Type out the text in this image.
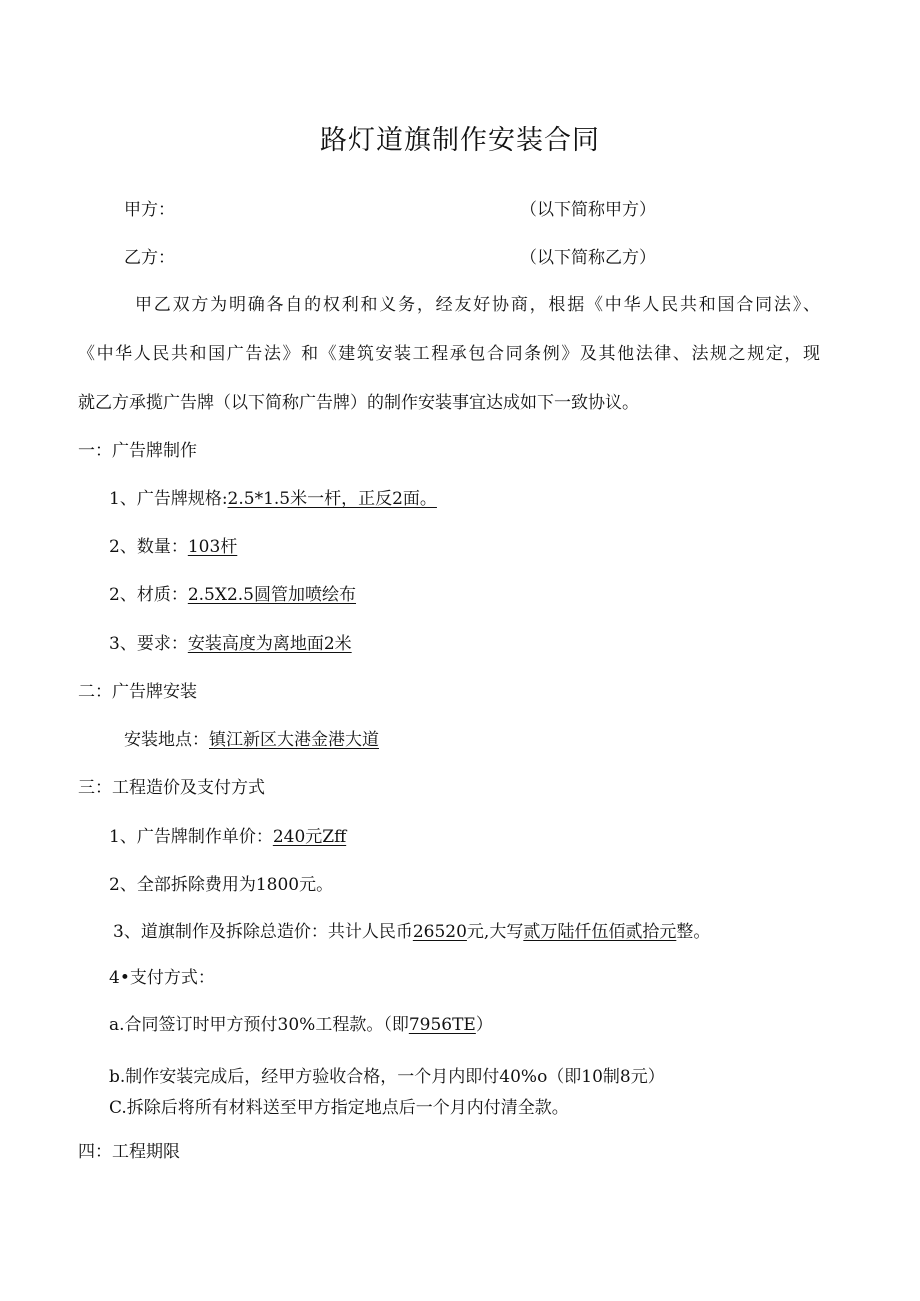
路灯道旗制作安装合同
甲方：	（以下简称甲方）
乙方：	（以下简称乙方）
甲乙双方为明确各自的权利和义务，经友好协商，根据《中华人民共和国合同法》、
《中华人民共和国广告法》和《建筑安装工程承包合同条例》及其他法律、法规之规定，现
就乙方承揽广告牌（以下简称广告牌）的制作安装事宜达成如下一致协议。
一：广告牌制作
1、广告牌规格:2.5*1.5米一杆，正反2面。
2、数量：103杆
2、材质：2.5X2.5圆管加喷绘布
3、要求：安装高度为离地面2米
二：广告牌安装
安装地点：镇江新区大港金港大道
三：工程造价及支付方式
1、广告牌制作单价：240元Zff
2、全部拆除费用为1800元。
3、道旗制作及拆除总造价：共计人民币26520元,大写贰万陆仟伍佰贰拾元整。
4•支付方式：
a.合同签订时甲方预付30%工程款。（即7956TE）
b.制作安装完成后，经甲方验收合格，一个月内即付40%o（即10制8元）
C.拆除后将所有材料送至甲方指定地点后一个月内付清全款。
四：工程期限
